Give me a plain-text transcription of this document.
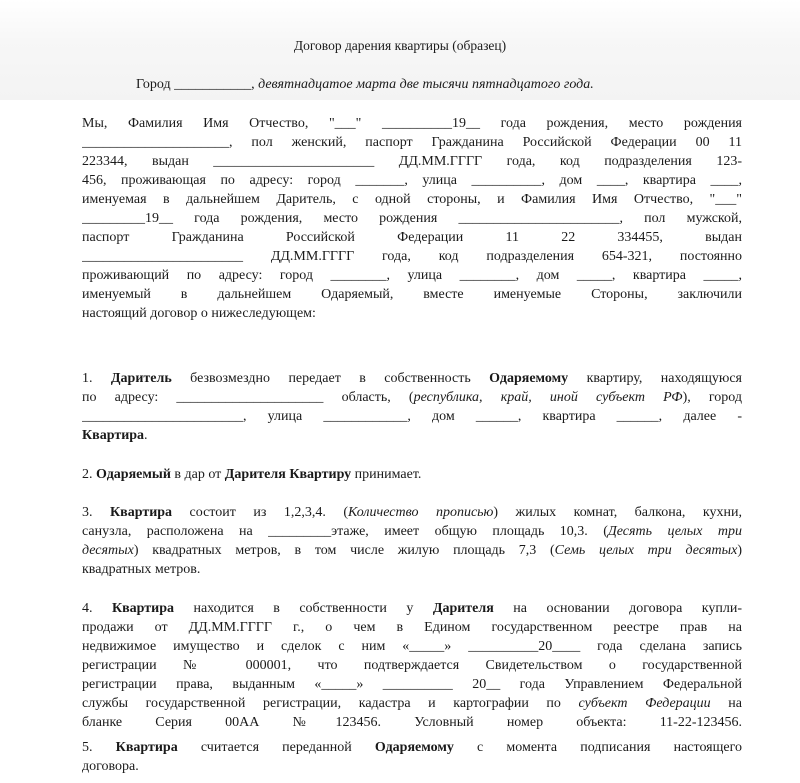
Договор дарения квартиры (образец)
Город ___________, девятнадцатое марта две тысячи пятнадцатого года.
Мы, Фамилия Имя Отчество, "___" __________19__ года рождения, место рождения
_____________________, пол женский, паспорт Гражданина Российской Федерации 00 11
223344, выдан _______________________ ДД.ММ.ГГГГ года, код подразделения 123-
456, проживающая по адресу: город _______, улица __________, дом ____, квартира ____,
именуемая в дальнейшем Даритель, с одной стороны, и Фамилия Имя Отчество, "___"
_________19__ года рождения, место рождения _______________________, пол мужской,
паспорт Гражданина Российской Федерации 11 22 334455, выдан
_______________________ ДД.ММ.ГГГГ года, код подразделения 654-321, постоянно
проживающий по адресу: город ________, улица ________, дом _____, квартира _____,
именуемый в дальнейшем Одаряемый, вместе именуемые Стороны, заключили
настоящий договор о нижеследующем:
1. Даритель безвозмездно передает в собственность Одаряемому квартиру, находящуюся
по адресу: _____________________ область, (республика, край, иной субъект РФ), город
_______________________, улица ____________, дом ______, квартира ______, далее -
Квартира.
2. Одаряемый в дар от Дарителя Квартиру принимает.
3. Квартира состоит из 1,2,3,4. (Количество прописью) жилых комнат, балкона, кухни,
санузла, расположена на _________этаже, имеет общую площадь 10,3. (Десять целых три
десятых) квадратных метров, в том числе жилую площадь 7,3 (Семь целых три десятых)
квадратных метров.
4. Квартира находится в собственности у Дарителя на основании договора купли-
продажи от ДД.ММ.ГГГГ г., о чем в Едином государственном реестре прав на
недвижимое имущество и сделок с ним «_____» __________20____ года сделана запись
регистрации № 000001, что подтверждается Свидетельством о государственной
регистрации права, выданным «_____» __________ 20__ года Управлением Федеральной
службы государственной регистрации, кадастра и картографии по субъект Федерации на
бланке Серия 00АА №123456. Условный номер объекта: 11-22-123456.
5. Квартира считается переданной Одаряемому с момента подписания настоящего
договора.
